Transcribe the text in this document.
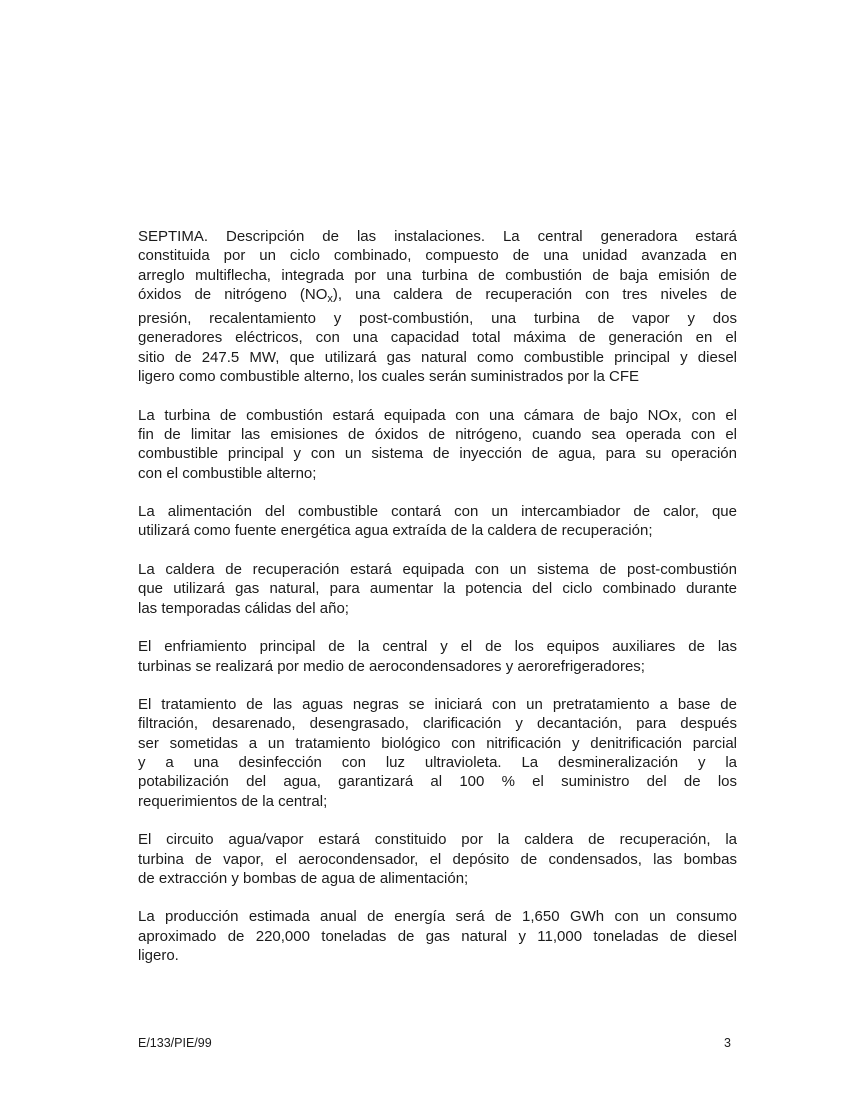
SEPTIMA. Descripción de las instalaciones. La central generadora estará
constituida por un ciclo combinado, compuesto de una unidad avanzada en
arreglo multiflecha, integrada por una turbina de combustión de baja emisión de
óxidos de nitrógeno $(NO_x)$, una caldera de recuperación con tres niveles de
presión, recalentamiento y post-combustión, una turbina de vapor y dos
generadores eléctricos, con una capacidad total máxima de generación en el
sitio de 247.5 MW, que utilizará gas natural como combustible principal y diesel
ligero como combustible alterno, los cuales serán suministrados por la CFE

La turbina de combustión estará equipada con una cámara de bajo NOx, con el
fin de limitar las emisiones de óxidos de nitrógeno, cuando sea operada con el
combustible principal y con un sistema de inyección de agua, para su operación
con el combustible alterno;

La alimentación del combustible contará con un intercambiador de calor, que
utilizará como fuente energética agua extraída de la caldera de recuperación;

La caldera de recuperación estará equipada con un sistema de post-combustión
que utilizará gas natural, para aumentar la potencia del ciclo combinado durante
las temporadas cálidas del año;

El enfriamiento principal de la central y el de los equipos auxiliares de las
turbinas se realizará por medio de aerocondensadores y aerorefrigeradores;

El tratamiento de las aguas negras se iniciará con un pretratamiento a base de
filtración, desarenado, desengrasado, clarificación y decantación, para después
ser sometidas a un tratamiento biológico con nitrificación y denitrificación parcial
y a una desinfección con luz ultravioleta. La desmineralización y la
potabilización del agua, garantizará al 100 % el suministro del de los
requerimientos de la central;

El circuito agua/vapor estará constituido por la caldera de recuperación, la
turbina de vapor, el aerocondensador, el depósito de condensados, las bombas
de extracción y bombas de agua de alimentación;

La producción estimada anual de energía será de 1,650 GWh con un consumo
aproximado de 220,000 toneladas de gas natural y 11,000 toneladas de diesel
ligero.

E/133/PIE/99	3
